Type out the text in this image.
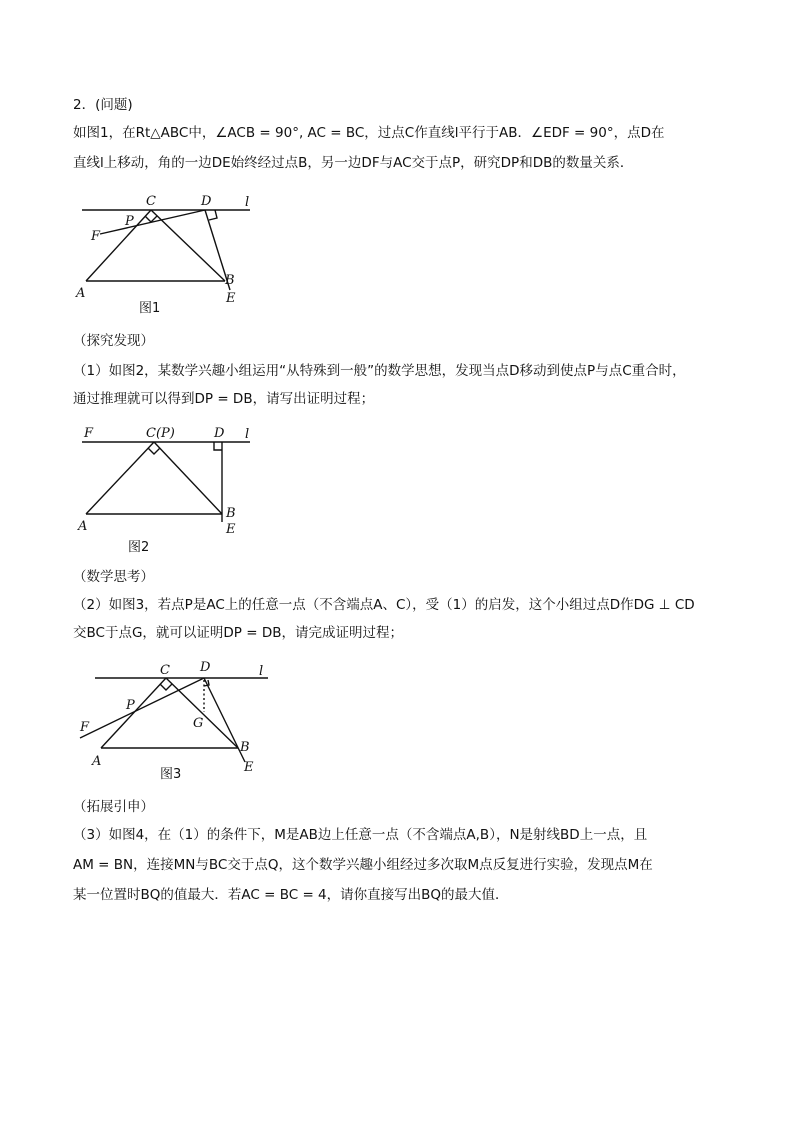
2．(问题)
如图1，在Rt△ABC中，∠ACB = 90°, AC = BC，过点C作直线l平行于AB．∠EDF = 90°，点D在
直线l上移动，角的一边DE始终经过点B，另一边DF与AC交于点P，研究DP和DB的数量关系．
C	D	l
P
F
A
B
E
图1
（探究发现）
（1）如图2，某数学兴趣小组运用“从特殊到一般”的数学思想，发现当点D移动到使点P与点C重合时，
通过推理就可以得到DP = DB，请写出证明过程；
F	C(P)	D l
A
B
E
图2
（数学思考）
（2）如图3，若点P是AC上的任意一点（不含端点A、C），受（1）的启发，这个小组过点D作DG ⊥ CD
交BC于点G，就可以证明DP = DB，请完成证明过程；
C D	l
P
F	G
A
B
E
图3
（拓展引申）
（3）如图4，在（1）的条件下，M是AB边上任意一点（不含端点A,B），N是射线BD上一点，且
AM = BN，连接MN与BC交于点Q，这个数学兴趣小组经过多次取M点反复进行实验，发现点M在
某一位置时BQ的值最大．若AC = BC = 4，请你直接写出BQ的最大值．
